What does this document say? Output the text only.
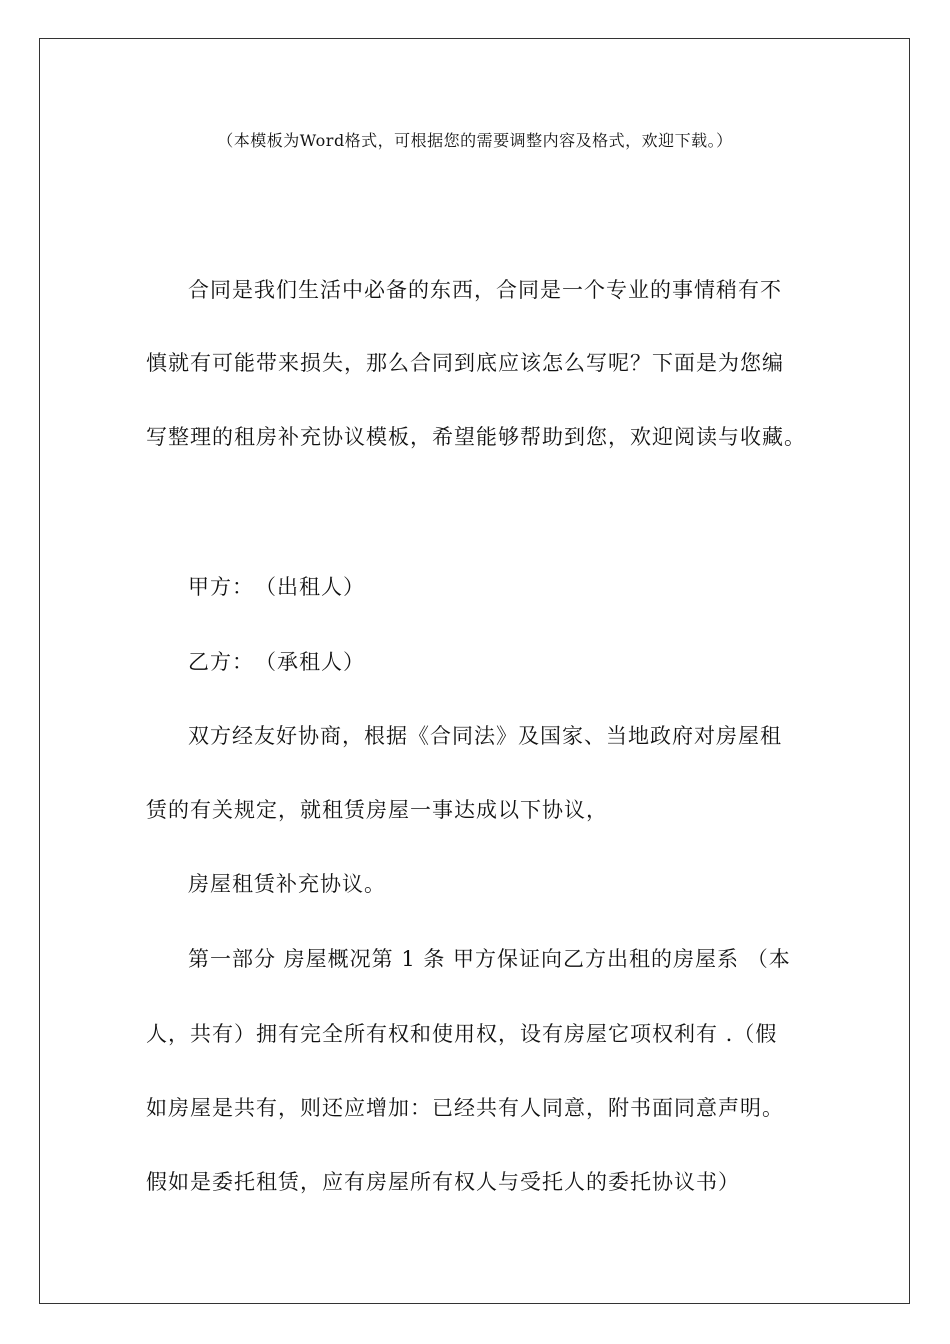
（本模板为Word格式，可根据您的需要调整内容及格式，欢迎下载。）
合同是我们生活中必备的东西，合同是一个专业的事情稍有不
慎就有可能带来损失，那么合同到底应该怎么写呢？下面是为您编
写整理的租房补充协议模板，希望能够帮助到您，欢迎阅读与收藏。
甲方：　（出租人）
乙方：　（承租人）
双方经友好协商，根据《合同法》及国家、当地政府对房屋租
赁的有关规定，就租赁房屋一事达成以下协议，
房屋租赁补充协议。
第一部分 房屋概况第 1 条 甲方保证向乙方出租的房屋系 （本
人，共有）拥有完全所有权和使用权，设有房屋它项权利有 .（假
如房屋是共有，则还应增加：已经共有人同意，附书面同意声明。
假如是委托租赁，应有房屋所有权人与受托人的委托协议书）
